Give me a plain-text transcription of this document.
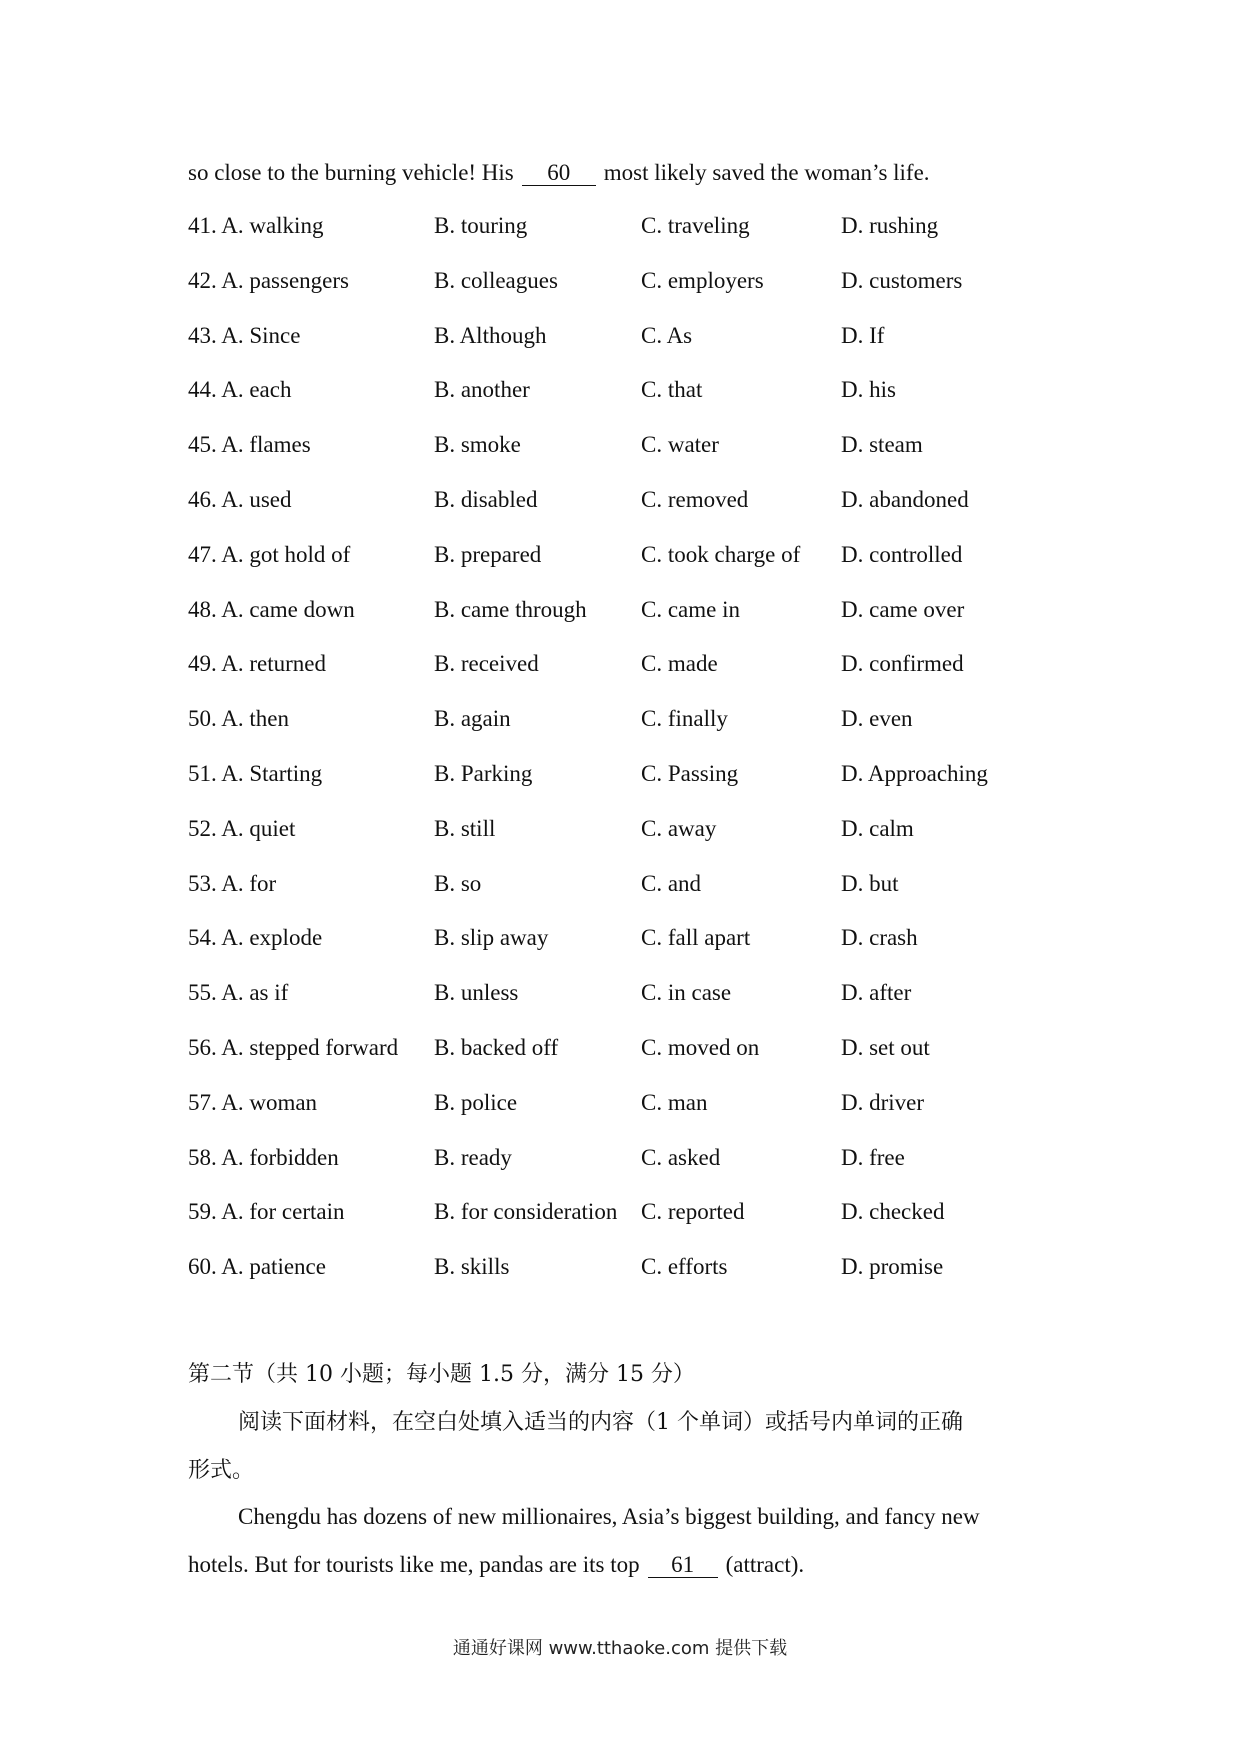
so close to the burning vehicle! His 60 most likely saved the woman’s life.
41. A. walking	B. touring	C. traveling	D. rushing
42. A. passengers	B. colleagues	C. employers	D. customers
43. A. Since	B. Although	C. As	D. If
44. A. each	B. another	C. that	D. his
45. A. flames	B. smoke	C. water	D. steam
46. A. used	B. disabled	C. removed	D. abandoned
47. A. got hold of	B. prepared	C. took charge of D. controlled
48. A. came down	B. came through C. came in	D. came over
49. A. returned	B. received	C. made	D. confirmed
50. A. then	B. again	C. finally	D. even
51. A. Starting	B. Parking	C. Passing	D. Approaching
52. A. quiet	B. still	C. away	D. calm
53. A. for	B. so	C. and	D. but
54. A. explode	B. slip away	C. fall apart	D. crash
55. A. as if	B. unless	C. in case	D. after
56. A. stepped forward B. backed off	C. moved on	D. set out
57. A. woman	B. police	C. man	D. driver
58. A. forbidden	B. ready	C. asked	D. free
59. A. for certain	B. for consideration C. reported	D. checked
60. A. patience	B. skills	C. efforts	D. promise
第二节（共 10 小题；每小题 1.5 分，满分 15 分）
阅读下面材料，在空白处填入适当的内容（1 个单词）或括号内单词的正确
形式。
Chengdu has dozens of new millionaires, Asia’s biggest building, and fancy new
hotels. But for tourists like me, pandas are its top 61 (attract).
通通好课网 www.tthaoke.com 提供下载
